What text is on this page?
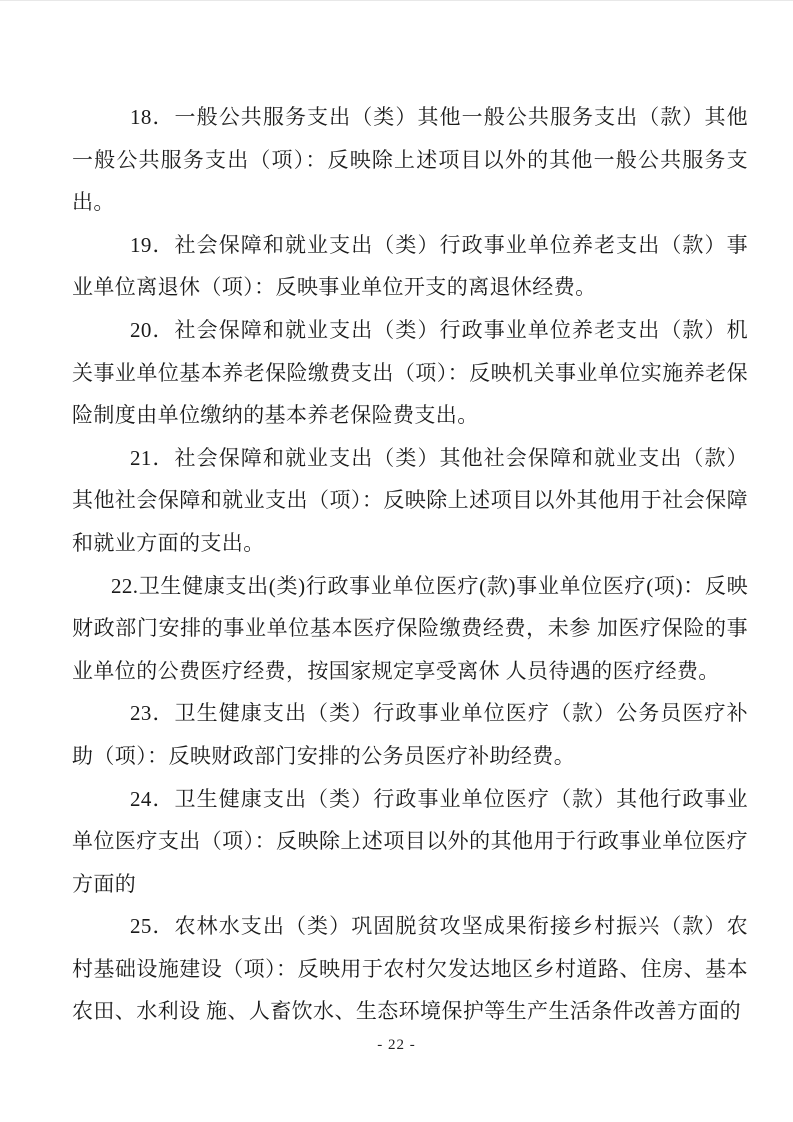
18．一般公共服务支出（类）其他一般公共服务支出（款）其他一般公共服务支出（项）：反映除上述项目以外的其他一般公共服务支出。

19．社会保障和就业支出（类）行政事业单位养老支出（款）事业单位离退休（项）：反映事业单位开支的离退休经费。

20．社会保障和就业支出（类）行政事业单位养老支出（款）机关事业单位基本养老保险缴费支出（项）：反映机关事业单位实施养老保险制度由单位缴纳的基本养老保险费支出。

21．社会保障和就业支出（类）其他社会保障和就业支出（款）其他社会保障和就业支出（项）：反映除上述项目以外其他用于社会保障和就业方面的支出。

22.卫生健康支出(类)行政事业单位医疗(款)事业单位医疗(项)：反映财政部门安排的事业单位基本医疗保险缴费经费，未参 加医疗保险的事业单位的公费医疗经费，按国家规定享受离休 人员待遇的医疗经费。

23．卫生健康支出（类）行政事业单位医疗（款）公务员医疗补助（项）：反映财政部门安排的公务员医疗补助经费。

24．卫生健康支出（类）行政事业单位医疗（款）其他行政事业单位医疗支出（项）：反映除上述项目以外的其他用于行政事业单位医疗方面的

25．农林水支出（类）巩固脱贫攻坚成果衔接乡村振兴（款）农村基础设施建设（项）：反映用于农村欠发达地区乡村道路、住房、基本农田、水利设 施、人畜饮水、生态环境保护等生产生活条件改善方面的

- 22 -
